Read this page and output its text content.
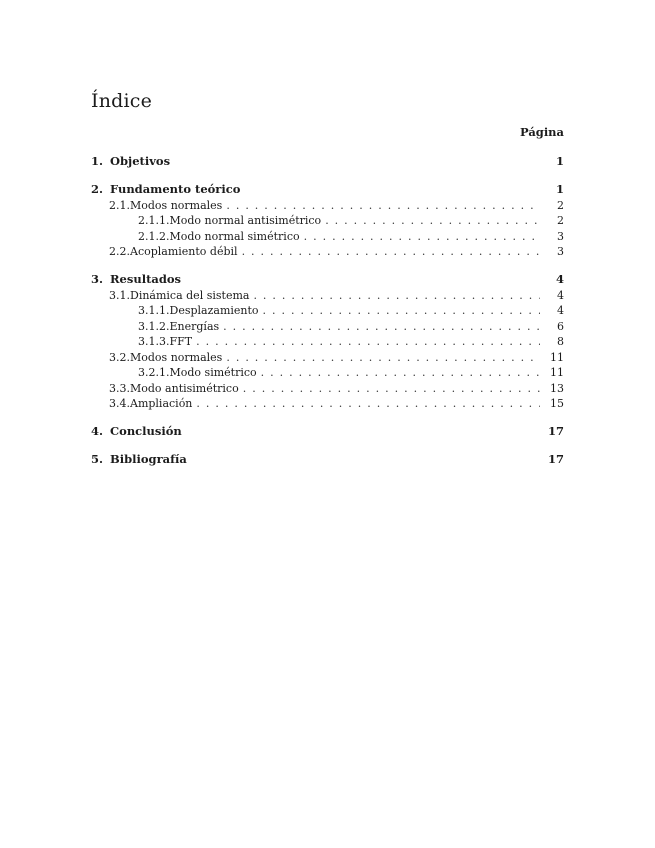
Índice
Página
1. Objetivos	1
2. Fundamento teórico	1
2.1. Modos normales . . .	2
2.1.1. Modo normal antisimétrico . . .	2
2.1.2. Modo normal simétrico . . .	3
2.2. Acoplamiento débil . . .	3
3. Resultados	4
3.1. Dinámica del sistema . . .	4
3.1.1. Desplazamiento . . .	4
3.1.2. Energías . . .	6
3.1.3. FFT . . .	8
3.2. Modos normales . . .	11
3.2.1. Modo simétrico . . .	11
3.3. Modo antisimétrico . . .	13
3.4. Ampliación . . .	15
4. Conclusión	17
5. Bibliografía	17
